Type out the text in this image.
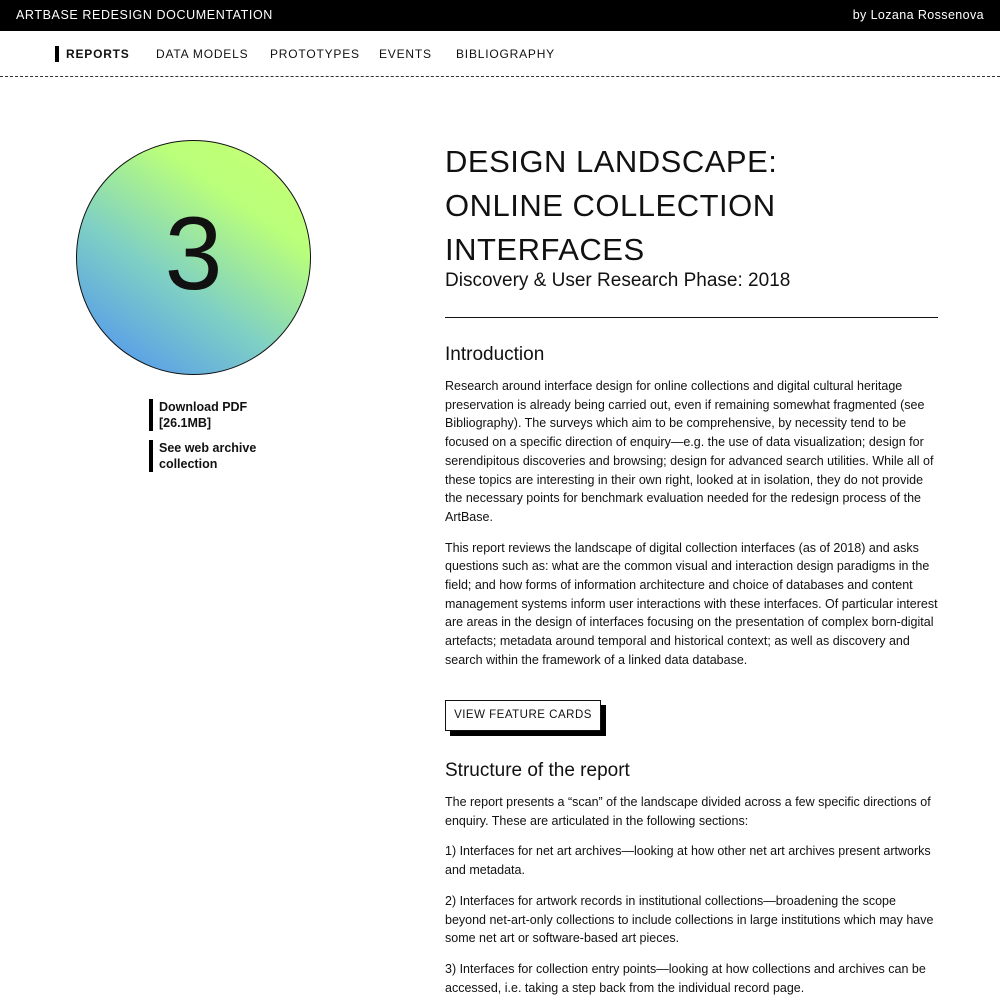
ARTBASE REDESIGN DOCUMENTATION	by Lozana Rossenova
REPORTS DATA MODELS PROTOTYPES EVENTS BIBLIOGRAPHY
3
Download PDF [26.1MB]
See web archive collection
DESIGN LANDSCAPE:
ONLINE COLLECTION
INTERFACES
Discovery & User Research Phase: 2018
Introduction

Research around interface design for online collections and digital cultural heritage preservation is already being carried out, even if remaining somewhat fragmented (see Bibliography). The surveys which aim to be comprehensive, by necessity tend to be focused on a specific direction of enquiry—e.g. the use of data visualization; design for serendipitous discoveries and browsing; design for advanced search utilities. While all of these topics are interesting in their own right, looked at in isolation, they do not provide the necessary points for benchmark evaluation needed for the redesign process of the ArtBase.

This report reviews the landscape of digital collection interfaces (as of 2018) and asks questions such as: what are the common visual and interaction design paradigms in the field; and how forms of information architecture and choice of databases and content management systems inform user interactions with these interfaces. Of particular interest are areas in the design of interfaces focusing on the presentation of complex born-digital artefacts; metadata around temporal and historical context; as well as discovery and search within the framework of a linked data database.

VIEW FEATURE CARDS
Structure of the report

The report presents a “scan” of the landscape divided across a few specific directions of enquiry. These are articulated in the following sections:

1) Interfaces for net art archives—looking at how other net art archives present artworks and metadata.

2) Interfaces for artwork records in institutional collections—broadening the scope beyond net-art-only collections to include collections in large institutions which may have some net art or software-based art pieces.

3) Interfaces for collection entry points—looking at how collections and archives can be accessed, i.e. taking a step back from the individual record page.
